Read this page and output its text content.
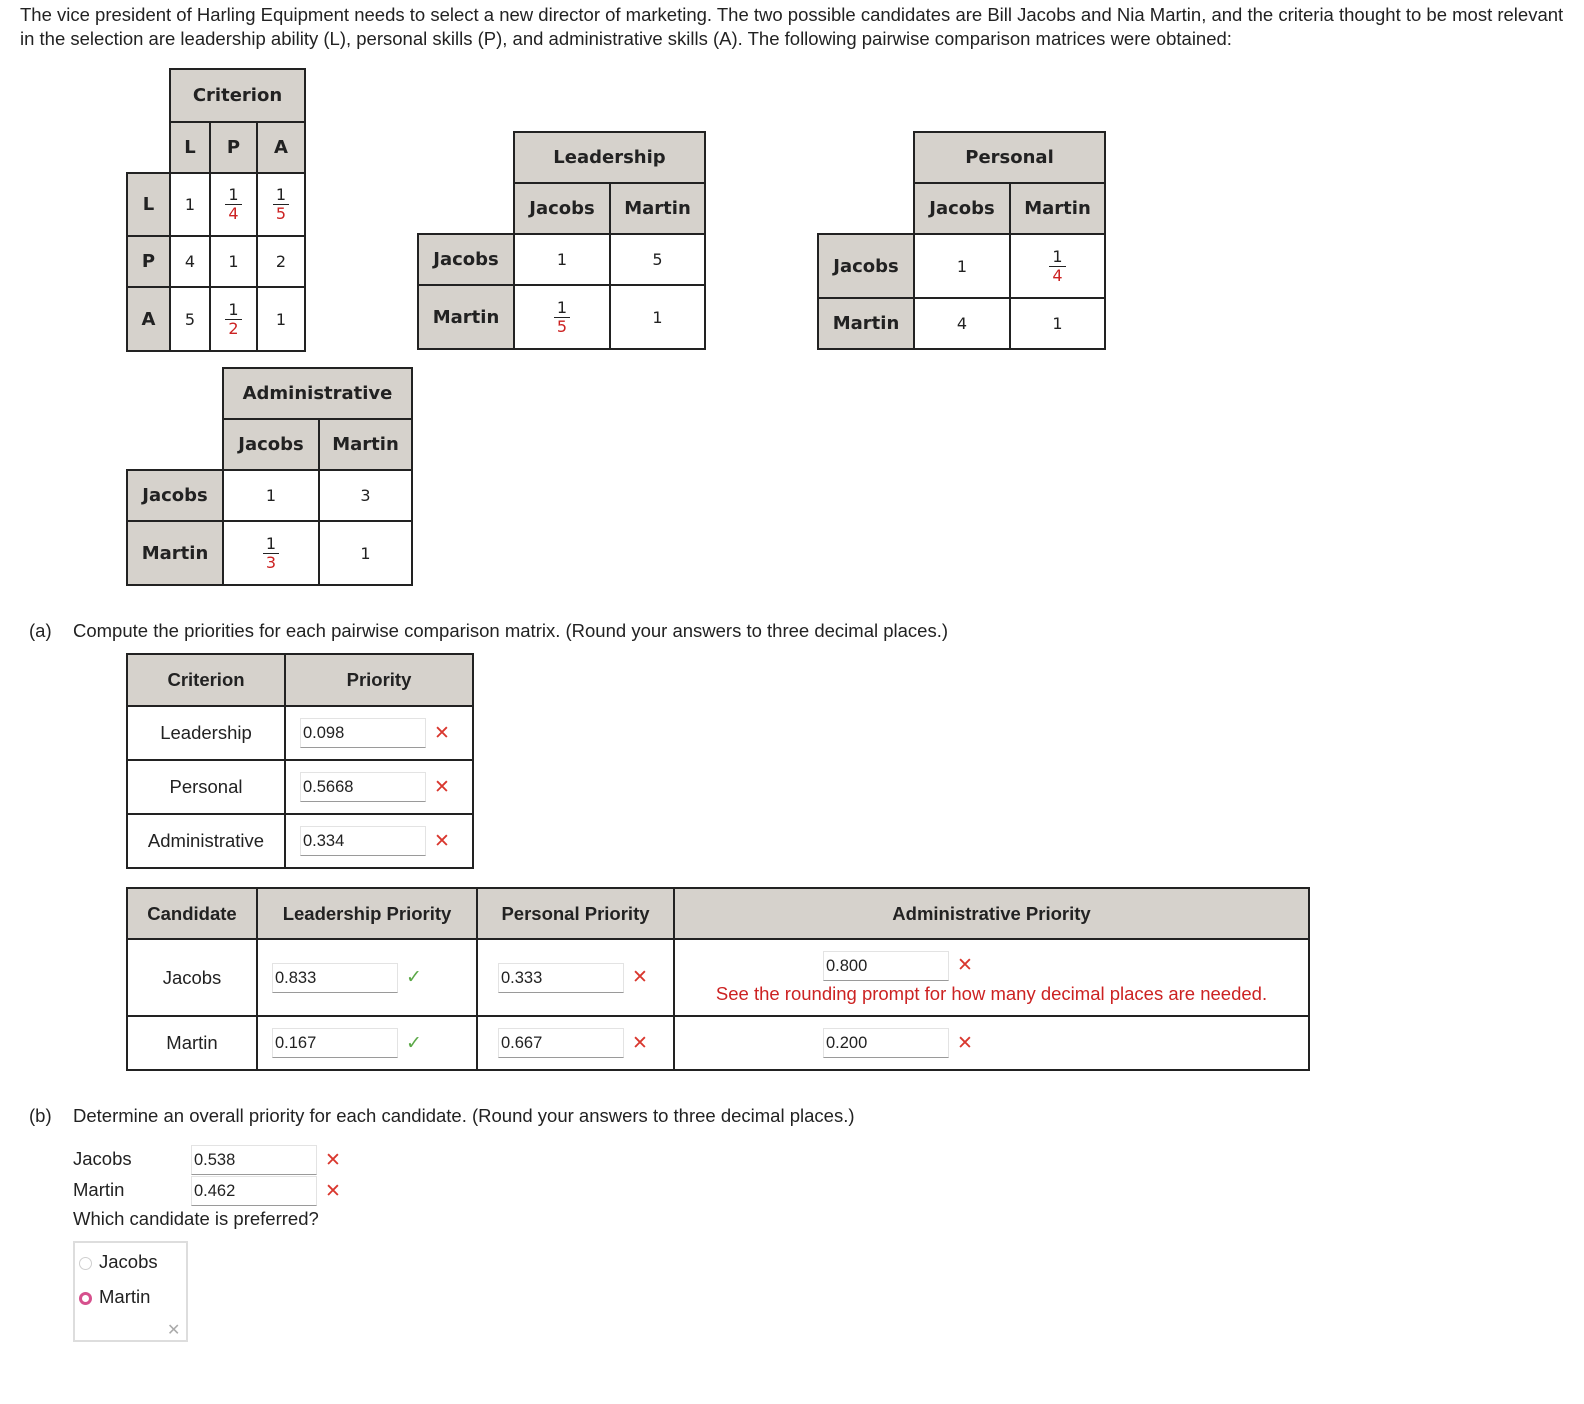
The vice president of Harling Equipment needs to select a new director of marketing. The two possible candidates are Bill Jacobs and Nia Martin, and the criteria thought to be most relevant in the selection are leadership ability (L), personal skills (P), and administrative skills (A). The following pairwise comparison matrices were obtained:

	Criterion		
	L	P	A
L	1	$\frac{1}{4}$	$\frac{1}{5}$

P	4	1	2
A	5	$\frac{1}{2}$	1
	Leadership	
	Jacobs	Martin
Jacobs	1	5
Martin	$\frac{1}{5}$	1
	Personal	
	Jacobs	Martin
Jacobs	1	$\frac{1}{4}$

Martin	4	1
	Administrative	
	Jacobs	Martin
Jacobs	1	3
Martin	$\frac{1}{3}$	1

(a) Compute the priorities for each pairwise comparison matrix. (Round your answers to three decimal places.)

Criterion	Priority
Leadership	0.098 ✕
Personal	0.5668 ✕
Administrative	0.334 ✕
Candidate	Leadership Priority	Personal Priority	Administrative Priority
Jacobs	0.833 ✓	0.333 ✕	0.800 ✕
See the rounding prompt for how many decimal places are needed.

Martin	0.167 ✓	0.667 ✕	0.200 ✕

(b) Determine an overall priority for each candidate. (Round your answers to three decimal places.)

Jacobs	0.538	✕
Martin	0.462	✕

Which candidate is preferred?

Jacobs
Martin
✕
